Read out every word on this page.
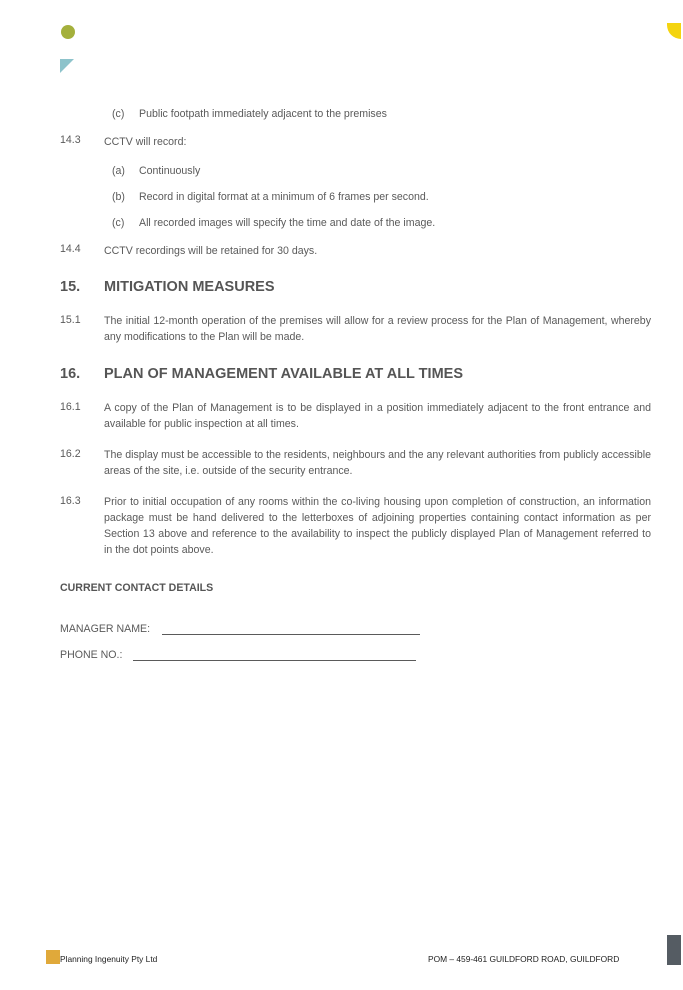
(c) Public footpath immediately adjacent to the premises
14.3 CCTV will record:
(a) Continuously
(b) Record in digital format at a minimum of 6 frames per second.
(c) All recorded images will specify the time and date of the image.
14.4 CCTV recordings will be retained for 30 days.
15. MITIGATION MEASURES
15.1 The initial 12-month operation of the premises will allow for a review process for the Plan of Management, whereby any modifications to the Plan will be made.
16. PLAN OF MANAGEMENT AVAILABLE AT ALL TIMES
16.1 A copy of the Plan of Management is to be displayed in a position immediately adjacent to the front entrance and available for public inspection at all times.
16.2 The display must be accessible to the residents, neighbours and the any relevant authorities from publicly accessible areas of the site, i.e. outside of the security entrance.
16.3 Prior to initial occupation of any rooms within the co-living housing upon completion of construction, an information package must be hand delivered to the letterboxes of adjoining properties containing contact information as per Section 13 above and reference to the availability to inspect the publicly displayed Plan of Management referred to in the dot points above.
CURRENT CONTACT DETAILS
MANAGER NAME:
PHONE NO.:
Planning Ingenuity Pty Ltd	POM – 459-461 GUILDFORD ROAD, GUILDFORD
